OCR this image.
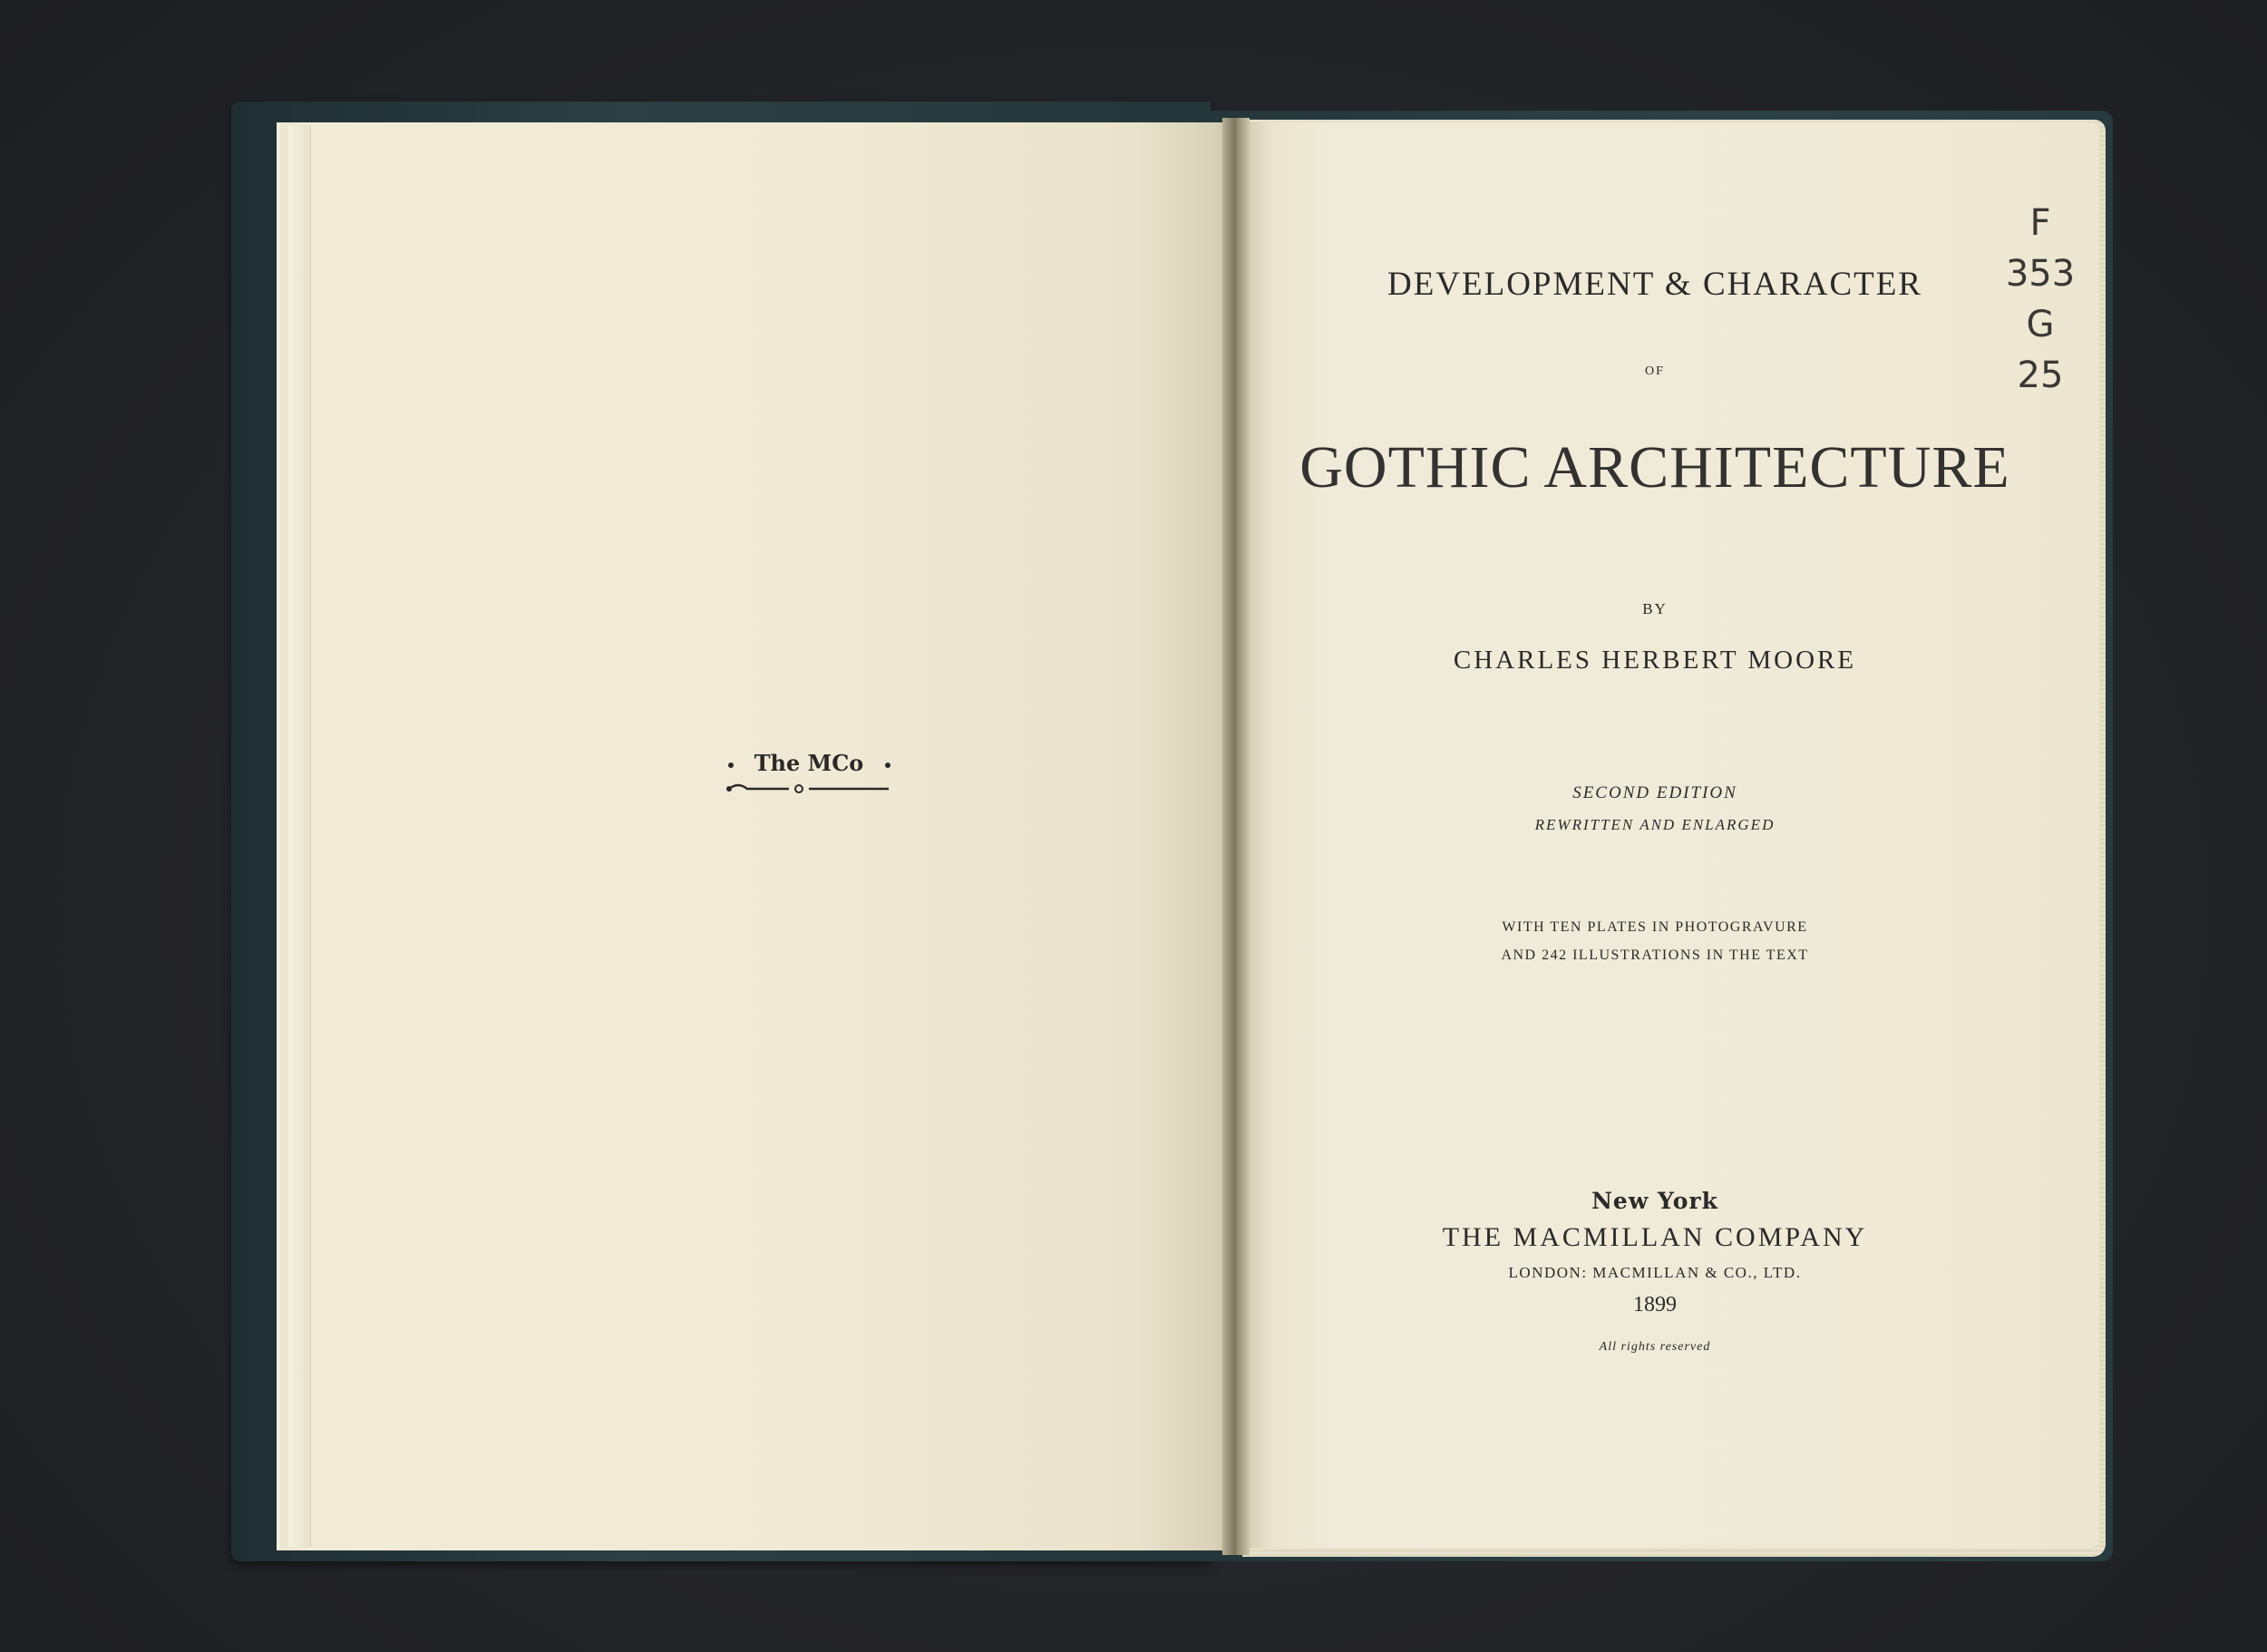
The MCo
DEVELOPMENT & CHARACTER
OF
GOTHIC ARCHITECTURE
BY
CHARLES HERBERT MOORE
SECOND EDITION
REWRITTEN AND ENLARGED
WITH TEN PLATES IN PHOTOGRAVURE
AND 242 ILLUSTRATIONS IN THE TEXT
New York
THE MACMILLAN COMPANY
LONDON: MACMILLAN & CO., LTD.
1899
All rights reserved
F
353
G
25
